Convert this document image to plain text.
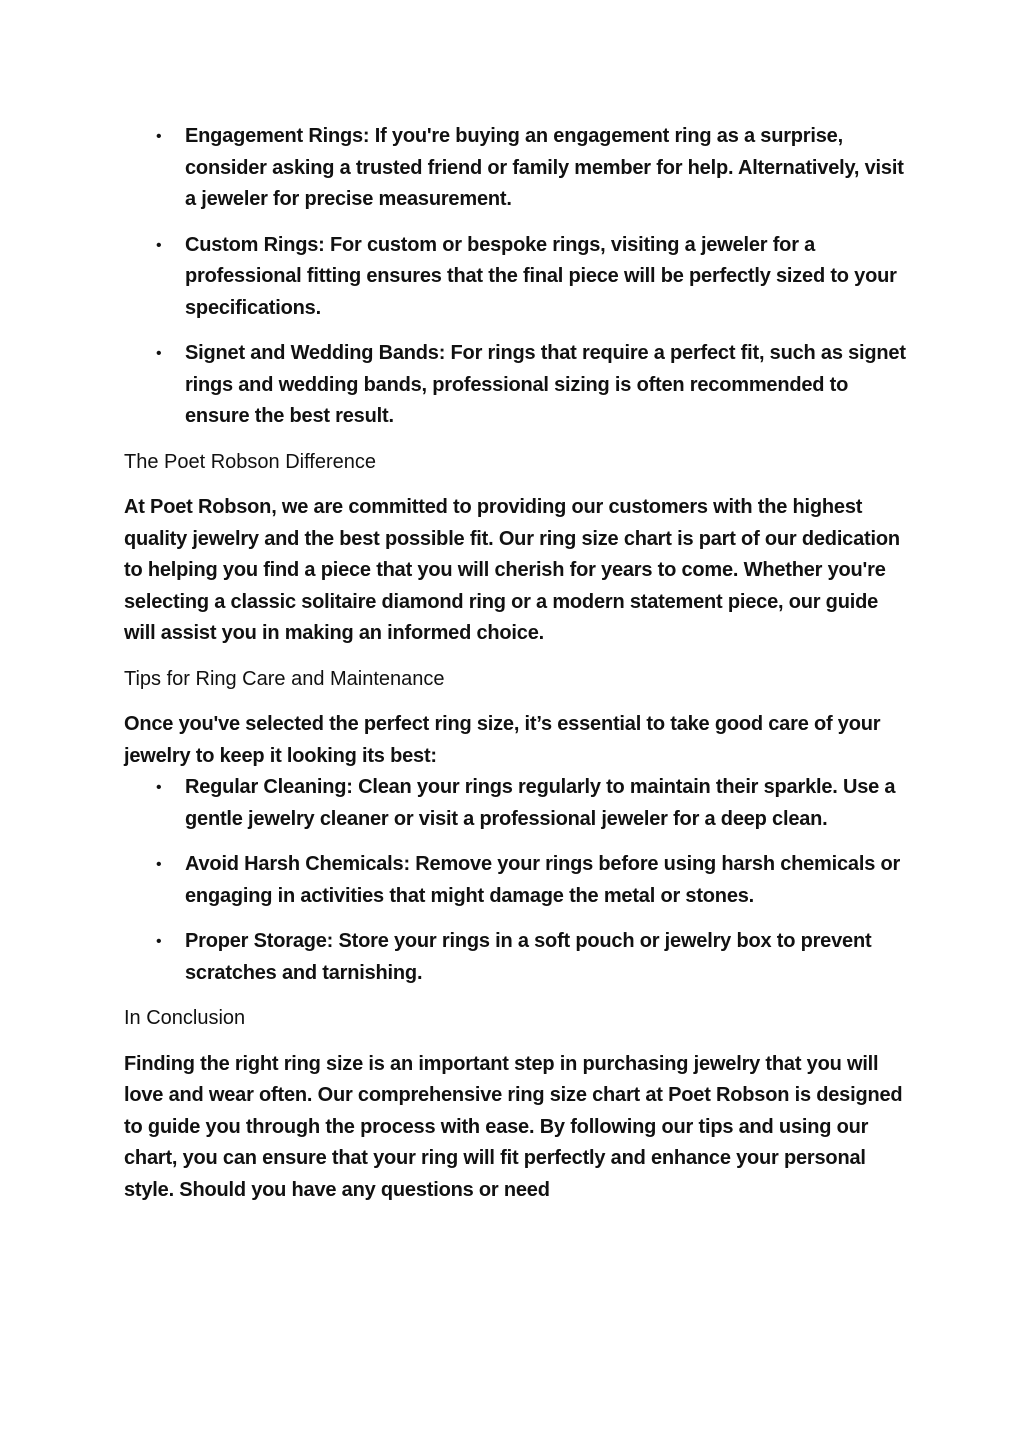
• Engagement Rings: If you're buying an engagement ring as a surprise, consider asking a trusted friend or family member for help. Alternatively, visit a jeweler for precise measurement.
• Custom Rings: For custom or bespoke rings, visiting a jeweler for a professional fitting ensures that the final piece will be perfectly sized to your specifications.
• Signet and Wedding Bands: For rings that require a perfect fit, such as signet rings and wedding bands, professional sizing is often recommended to ensure the best result.

The Poet Robson Difference

At Poet Robson, we are committed to providing our customers with the highest quality jewelry and the best possible fit. Our ring size chart is part of our dedication to helping you find a piece that you will cherish for years to come. Whether you're selecting a classic solitaire diamond ring or a modern statement piece, our guide will assist you in making an informed choice.

Tips for Ring Care and Maintenance

Once you've selected the perfect ring size, it’s essential to take good care of your jewelry to keep it looking its best:

• Regular Cleaning: Clean your rings regularly to maintain their sparkle. Use a gentle jewelry cleaner or visit a professional jeweler for a deep clean.
• Avoid Harsh Chemicals: Remove your rings before using harsh chemicals or engaging in activities that might damage the metal or stones.
• Proper Storage: Store your rings in a soft pouch or jewelry box to prevent scratches and tarnishing.

In Conclusion

Finding the right ring size is an important step in purchasing jewelry that you will love and wear often. Our comprehensive ring size chart at Poet Robson is designed to guide you through the process with ease. By following our tips and using our chart, you can ensure that your ring will fit perfectly and enhance your personal style. Should you have any questions or need
